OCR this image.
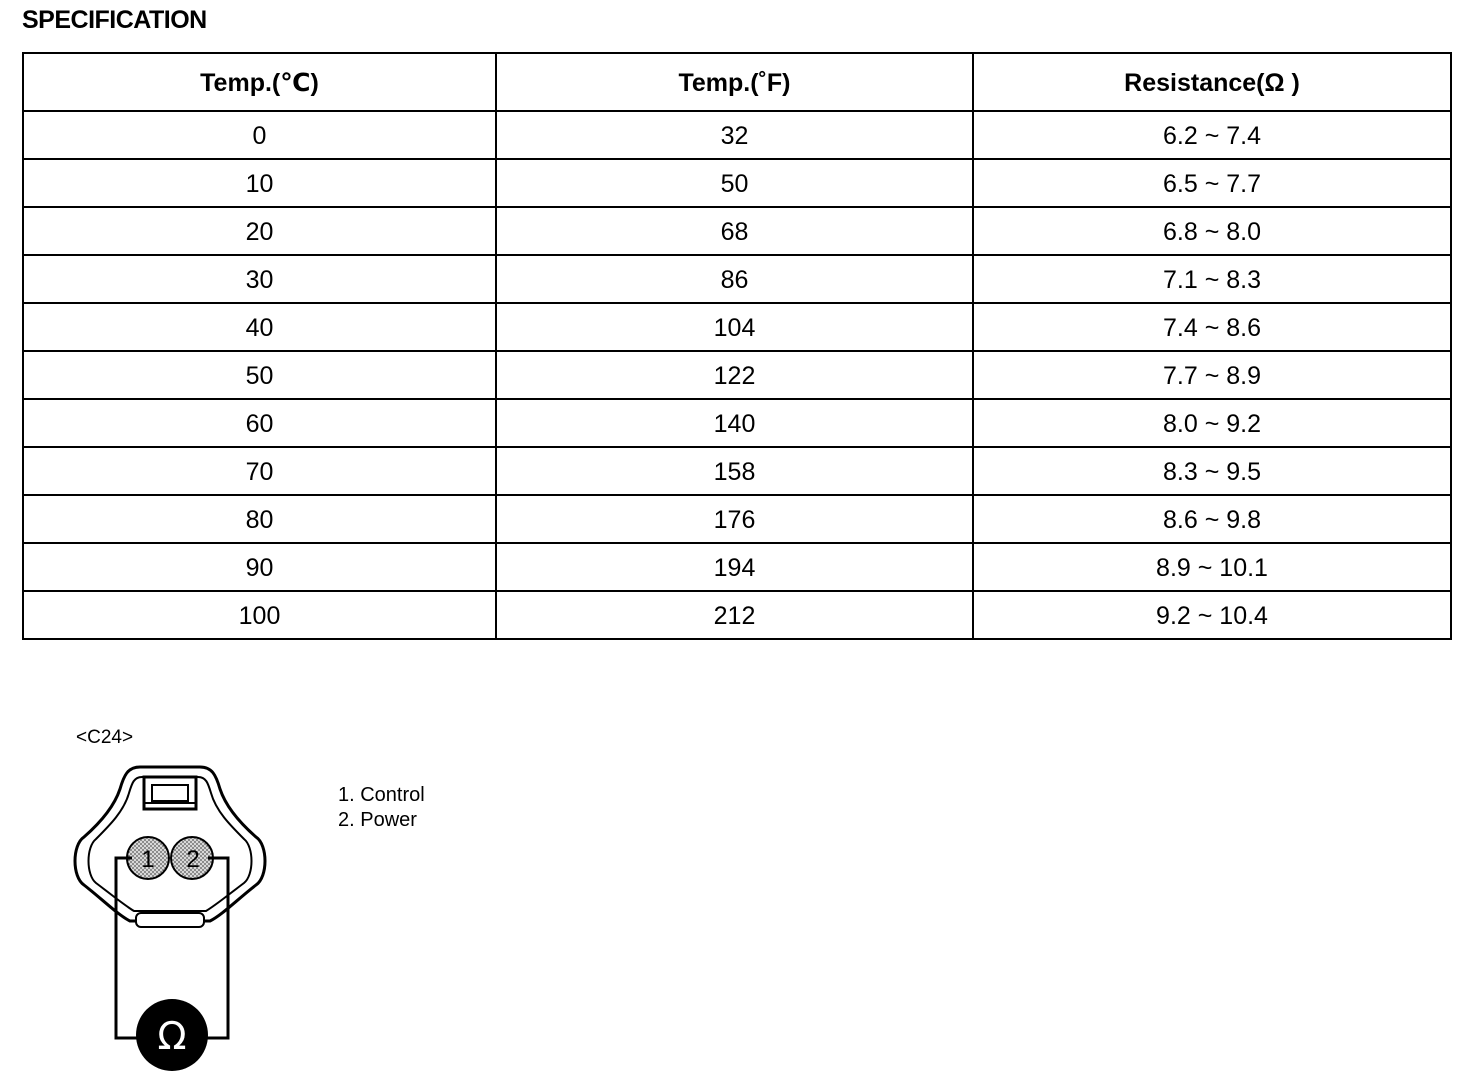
SPECIFICATION
Temp.(℃)	Temp.(˚F)	Resistance(Ω )
0	32	6.2 ~ 7.4
10	50	6.5 ~ 7.7
20	68	6.8 ~ 8.0
30	86	7.1 ~ 8.3
40	104	7.4 ~ 8.6
50	122	7.7 ~ 8.9
60	140	8.0 ~ 9.2
70	158	8.3 ~ 9.5
80	176	8.6 ~ 9.8
90	194	8.9 ~ 10.1
100	212	9.2 ~ 10.4
<C24>
1 2
Ω
1. Control
2. Power
